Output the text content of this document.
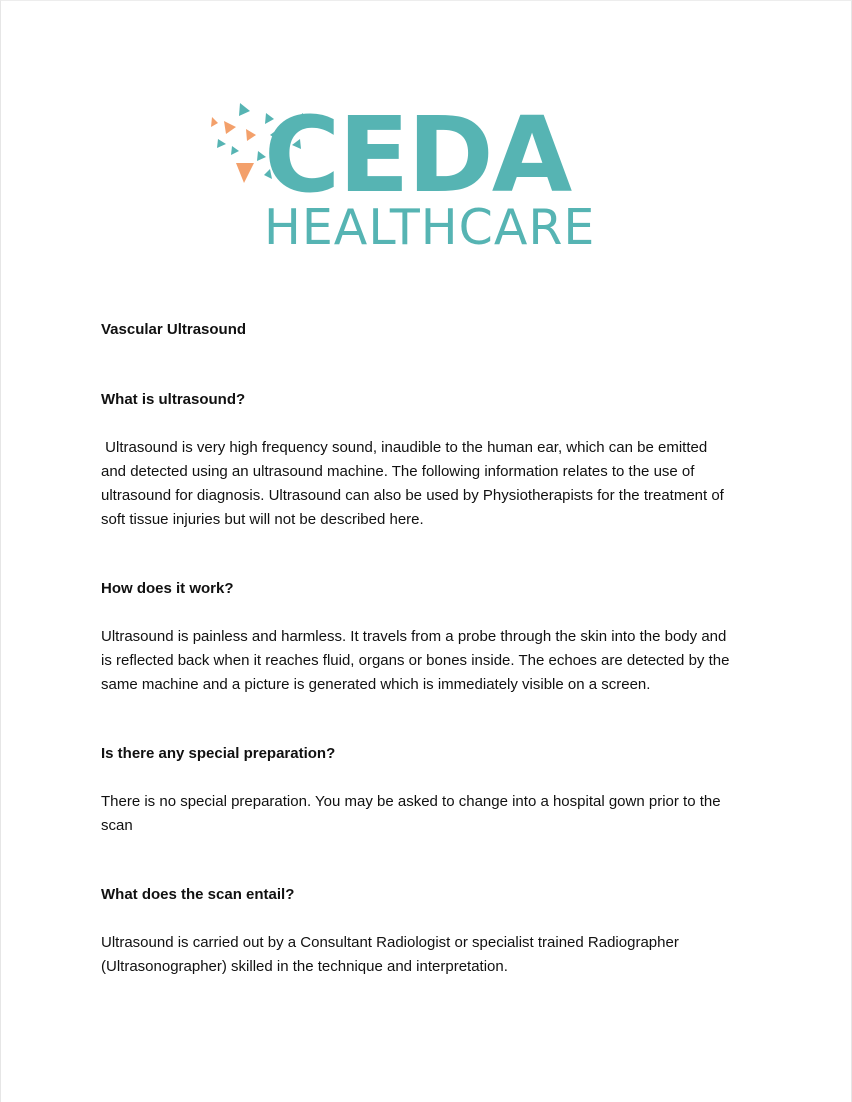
CEDA
HEALTHCARE

Vascular Ultrasound

What is ultrasound?

Ultrasound is very high frequency sound, inaudible to the human ear, which can be emitted
and detected using an ultrasound machine. The following information relates to the use of
ultrasound for diagnosis. Ultrasound can also be used by Physiotherapists for the treatment of
soft tissue injuries but will not be described here.

How does it work?

Ultrasound is painless and harmless. It travels from a probe through the skin into the body and
is reflected back when it reaches fluid, organs or bones inside. The echoes are detected by the
same machine and a picture is generated which is immediately visible on a screen.

Is there any special preparation?

There is no special preparation. You may be asked to change into a hospital gown prior to the
scan

What does the scan entail?

Ultrasound is carried out by a Consultant Radiologist or specialist trained Radiographer
(Ultrasonographer) skilled in the technique and interpretation.
